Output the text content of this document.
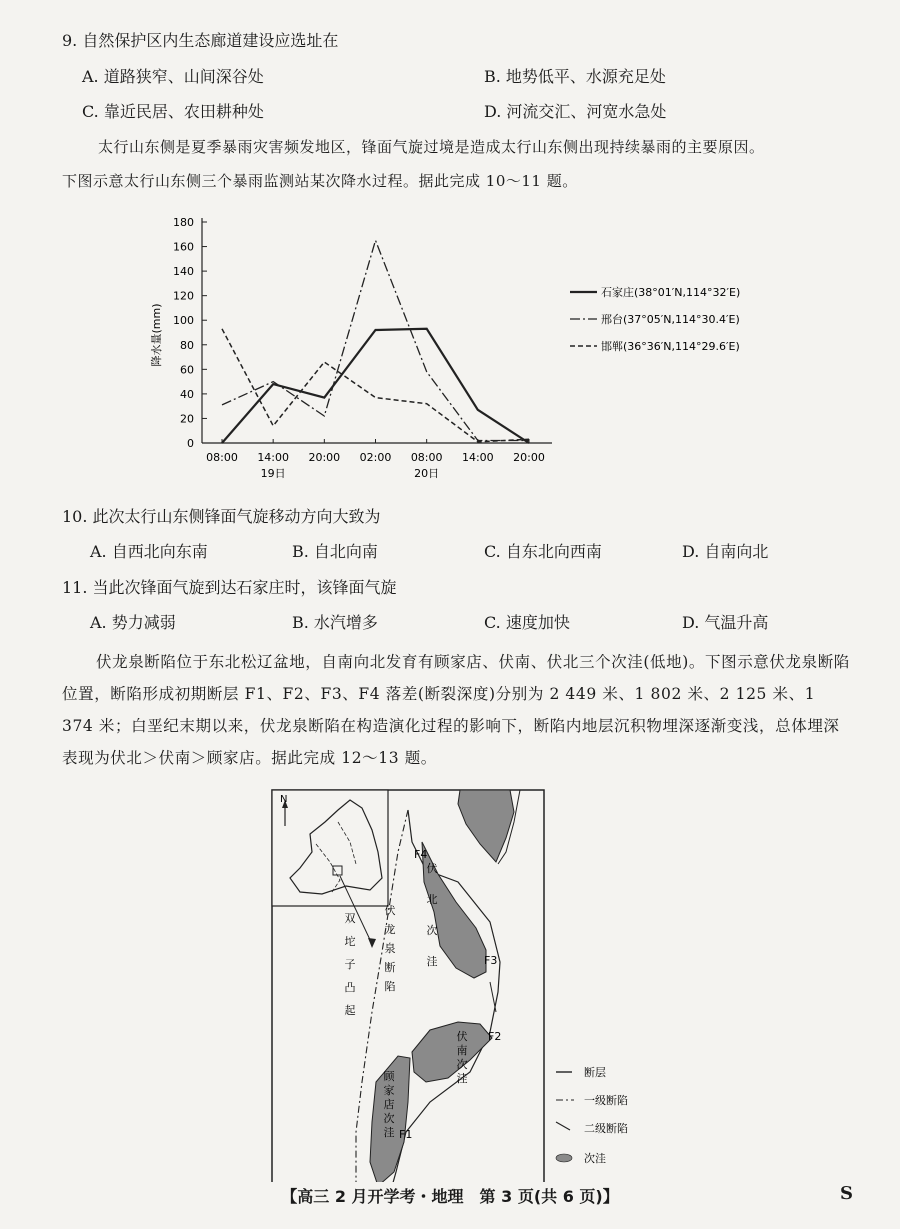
9. 自然保护区内生态廊道建设应选址在
A. 道路狭窄、山间深谷处	B. 地势低平、水源充足处
C. 靠近民居、农田耕种处	D. 河流交汇、河宽水急处
太行山东侧是夏季暴雨灾害频发地区，锋面气旋过境是造成太行山东侧出现持续暴雨的主要原因。
下图示意太行山东侧三个暴雨监测站某次降水过程。据此完成 10～11 题。
0
20
40
60
80
100
120
140
160
180
降水量(mm)
08:00 14:00 20:00 02:00 08:00 14:00 20:00
19日	20日
石家庄(38°01′N,114°32′E)
邢台(37°05′N,114°30.4′E)
邯郸(36°36′N,114°29.6′E)
10. 此次太行山东侧锋面气旋移动方向大致为
A. 自西北向东南	B. 自北向南	C. 自东北向西南	D. 自南向北
11. 当此次锋面气旋到达石家庄时，该锋面气旋
A. 势力减弱	B. 水汽增多	C. 速度加快	D. 气温升高
伏龙泉断陷位于东北松辽盆地，自南向北发育有顾家店、伏南、伏北三个次洼(低地)。下图示意伏龙泉断陷位置，断陷形成初期断层 F1、F2、F3、F4 落差(断裂深度)分别为 2 449 米、1 802 米、2 125 米、1 374 米；白垩纪末期以来，伏龙泉断陷在构造演化过程的影响下，断陷内地层沉积物埋深逐渐变浅，总体埋深表现为伏北＞伏南＞顾家店。据此完成 12～13 题。
N
双
坨
子
凸
起
伏
龙
泉
断
陷
伏
北
次
洼
伏
南
次
洼
顾
家
店
次
洼
F4
F3
F2
F1
断层
一级断陷
二级断陷
次洼
【高三 2 月开学考・地理　第 3 页(共 6 页)】	S
